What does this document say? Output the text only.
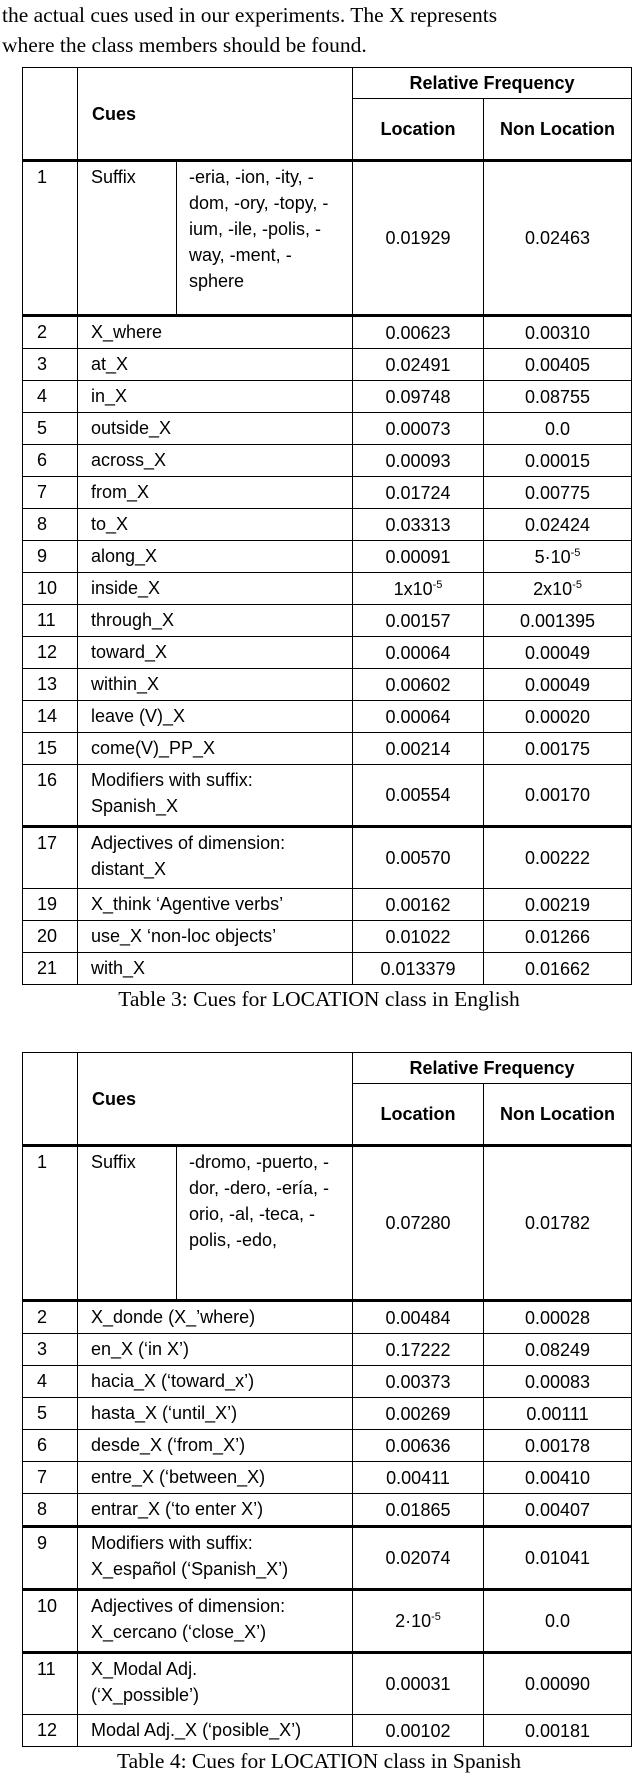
the actual cues used in our experiments. The X represents
where the class members should be found.
	Cues		Relative Frequency	
			Location	Non Location
1	Suffix	-eria, -ion, -ity, -dom, -ory, -topy, -ium, -ile, -polis, -way, -ment, -sphere	0.01929	0.02463
2	X_where		0.00623	0.00310
3	at_X		0.02491	0.00405
4	in_X		0.09748	0.08755
5	outside_X		0.00073	0.0
6	across_X		0.00093	0.00015
7	from_X		0.01724	0.00775
8	to_X		0.03313	0.02424
9	along_X		0.00091	$5\cdot 10^{-5}$
10	inside_X		$1x10^{-5}$	$2x10^{-5}$
11	through_X		0.00157	0.001395
12	toward_X		0.00064	0.00049
13	within_X		0.00602	0.00049
14	leave (V)_X		0.00064	0.00020
15	come(V)_PP_X		0.00214	0.00175
16	Modifiers with suffix:
Spanish_X		0.00554	0.00170
17	Adjectives of dimension:
distant_X		0.00570	0.00222
19	X_think ‘Agentive verbs’		0.00162	0.00219
20	use_X ‘non-loc objects’		0.01022	0.01266
21	with_X		0.013379	0.01662
Table 3: Cues for LOCATION class in English
	Cues		Relative Frequency	
			Location	Non Location
1	Suffix	-dromo, -puerto, -dor, -dero, -ería, -orio, -al, -teca, -polis, -edo,	0.07280	0.01782
2	X_donde (X_’where)		0.00484	0.00028
3	en_X (‘in X’)		0.17222	0.08249
4	hacia_X (‘toward_x’)		0.00373	0.00083
5	hasta_X (‘until_X’)		0.00269	0.00111
6	desde_X (‘from_X’)		0.00636	0.00178
7	entre_X (‘between_X)		0.00411	0.00410
8	entrar_X (‘to enter X’)		0.01865	0.00407
9	Modifiers with suffix:
X_español (‘Spanish_X’)		0.02074	0.01041
10	Adjectives of dimension:
X_cercano (‘close_X’)		$2\cdot 10^{-5}$	0.0
11	X_Modal Adj.
(‘X_possible’)		0.00031	0.00090
12	Modal Adj._X (‘posible_X’)		0.00102	0.00181
Table 4: Cues for LOCATION class in Spanish
